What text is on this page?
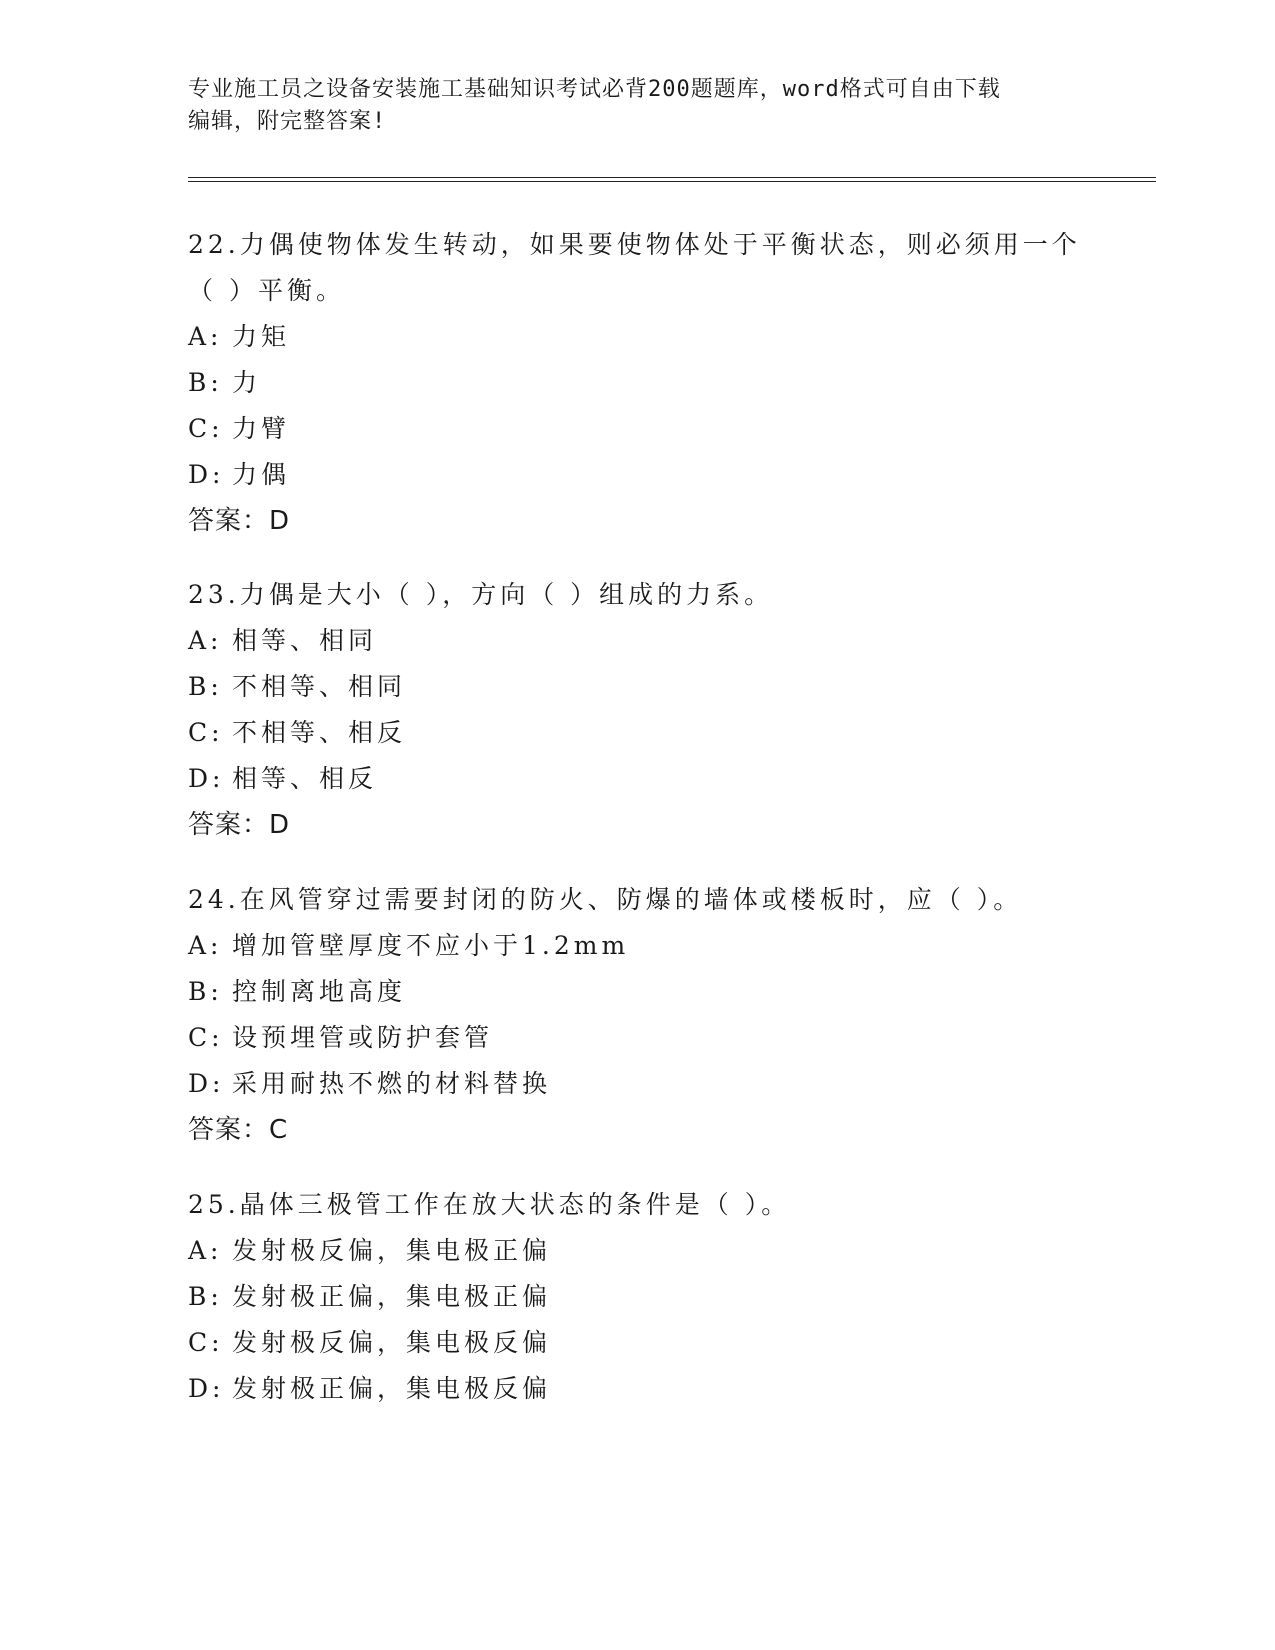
专业施工员之设备安装施工基础知识考试必背200题题库，word格式可自由下载
编辑，附完整答案!
22.力偶使物体发生转动，如果要使物体处于平衡状态，则必须用一个
（ ）平衡。
A: 力矩
B: 力
C: 力臂
D: 力偶
答案：D
23.力偶是大小（ ），方向（ ）组成的力系。
A: 相等、相同
B: 不相等、相同
C: 不相等、相反
D: 相等、相反
答案：D
24.在风管穿过需要封闭的防火、防爆的墙体或楼板时，应（ ）。
A: 增加管壁厚度不应小于1.2mm
B: 控制离地高度
C: 设预埋管或防护套管
D: 采用耐热不燃的材料替换
答案：C
25.晶体三极管工作在放大状态的条件是（ ）。
A: 发射极反偏，集电极正偏
B: 发射极正偏，集电极正偏
C: 发射极反偏，集电极反偏
D: 发射极正偏，集电极反偏
